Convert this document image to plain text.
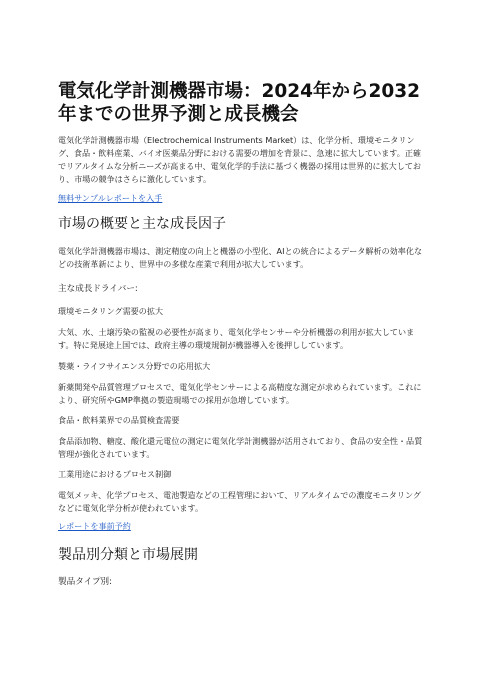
電気化学計測機器市場：2024年から2032年までの世界予測と成長機会

電気化学計測機器市場（Electrochemical Instruments Market）は、化学分析、環境モニタリング、食品・飲料産業、バイオ医薬品分野における需要の増加を背景に、急速に拡大しています。正確でリアルタイムな分析ニーズが高まる中、電気化学的手法に基づく機器の採用は世界的に拡大しており、市場の競争はさらに激化しています。

無料サンプルレポートを入手
市場の概要と主な成長因子

電気化学計測機器市場は、測定精度の向上と機器の小型化、AIとの統合によるデータ解析の効率化などの技術革新により、世界中の多様な産業で利用が拡大しています。

主な成長ドライバー:

環境モニタリング需要の拡大

大気、水、土壌汚染の監視の必要性が高まり、電気化学センサーや分析機器の利用が拡大しています。特に発展途上国では、政府主導の環境規制が機器導入を後押ししています。

製薬・ライフサイエンス分野での応用拡大

新薬開発や品質管理プロセスで、電気化学センサーによる高精度な測定が求められています。これにより、研究所やGMP準拠の製造現場での採用が急増しています。

食品・飲料業界での品質検査需要

食品添加物、糖度、酸化還元電位の測定に電気化学計測機器が活用されており、食品の安全性・品質管理が強化されています。

工業用途におけるプロセス制御

電気メッキ、化学プロセス、電池製造などの工程管理において、リアルタイムでの濃度モニタリングなどに電気化学分析が使われています。

レポートを事前予約
製品別分類と市場展開

製品タイプ別:
